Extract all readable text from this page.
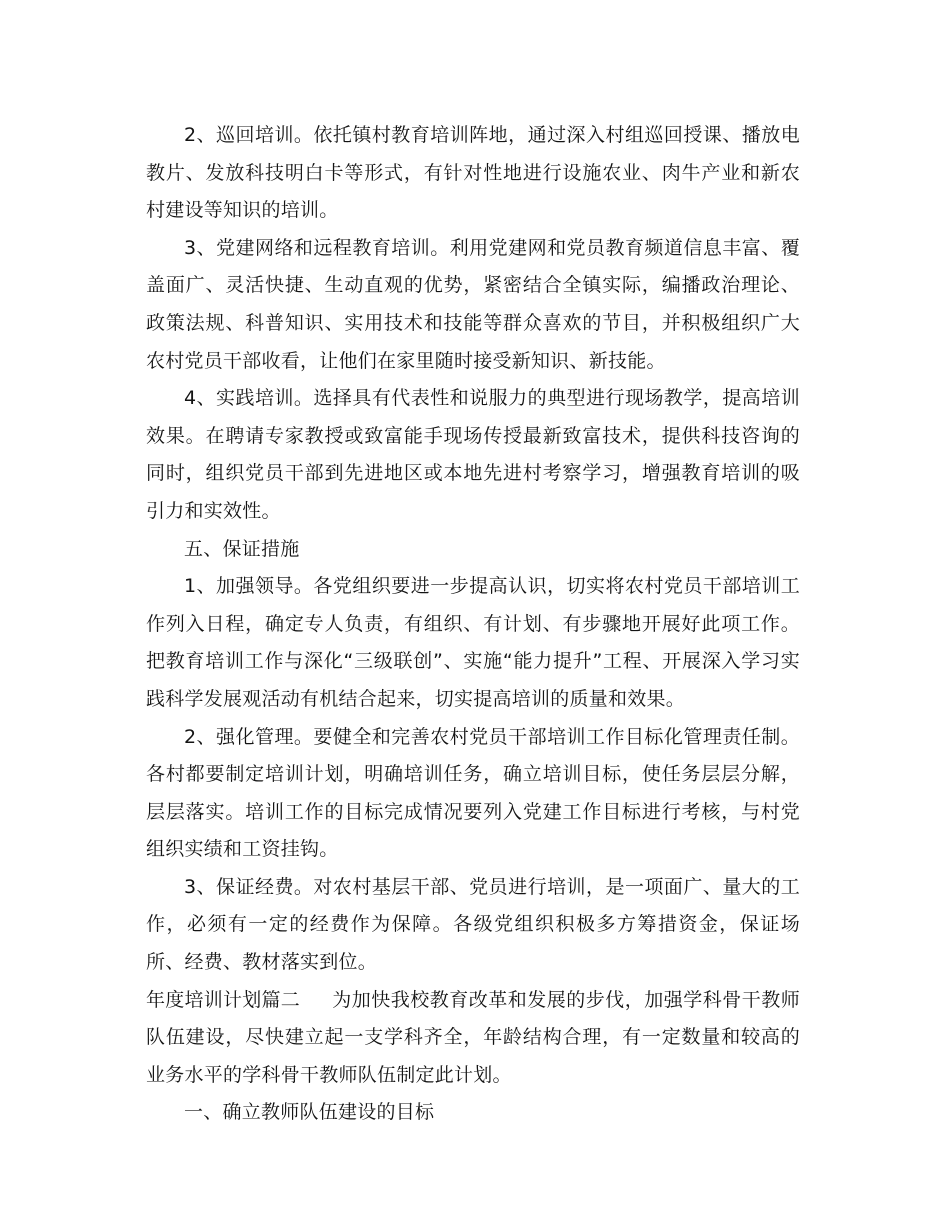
2、巡回培训。依托镇村教育培训阵地，通过深入村组巡回授课、播放电教片、发放科技明白卡等形式，有针对性地进行设施农业、肉牛产业和新农村建设等知识的培训。

3、党建网络和远程教育培训。利用党建网和党员教育频道信息丰富、覆盖面广、灵活快捷、生动直观的优势，紧密结合全镇实际，编播政治理论、政策法规、科普知识、实用技术和技能等群众喜欢的节目，并积极组织广大农村党员干部收看，让他们在家里随时接受新知识、新技能。

4、实践培训。选择具有代表性和说服力的典型进行现场教学，提高培训效果。在聘请专家教授或致富能手现场传授最新致富技术，提供科技咨询的同时，组织党员干部到先进地区或本地先进村考察学习，增强教育培训的吸引力和实效性。

五、保证措施

1、加强领导。各党组织要进一步提高认识，切实将农村党员干部培训工作列入日程，确定专人负责，有组织、有计划、有步骤地开展好此项工作。把教育培训工作与深化“三级联创”、实施“能力提升”工程、开展深入学习实践科学发展观活动有机结合起来，切实提高培训的质量和效果。

2、强化管理。要健全和完善农村党员干部培训工作目标化管理责任制。各村都要制定培训计划，明确培训任务，确立培训目标，使任务层层分解，层层落实。培训工作的目标完成情况要列入党建工作目标进行考核，与村党组织实绩和工资挂钩。

3、保证经费。对农村基层干部、党员进行培训，是一项面广、量大的工作，必须有一定的经费作为保障。各级党组织积极多方筹措资金，保证场所、经费、教材落实到位。

年度培训计划篇二 为加快我校教育改革和发展的步伐，加强学科骨干教师队伍建设，尽快建立起一支学科齐全，年龄结构合理，有一定数量和较高的业务水平的学科骨干教师队伍制定此计划。

一、确立教师队伍建设的目标
